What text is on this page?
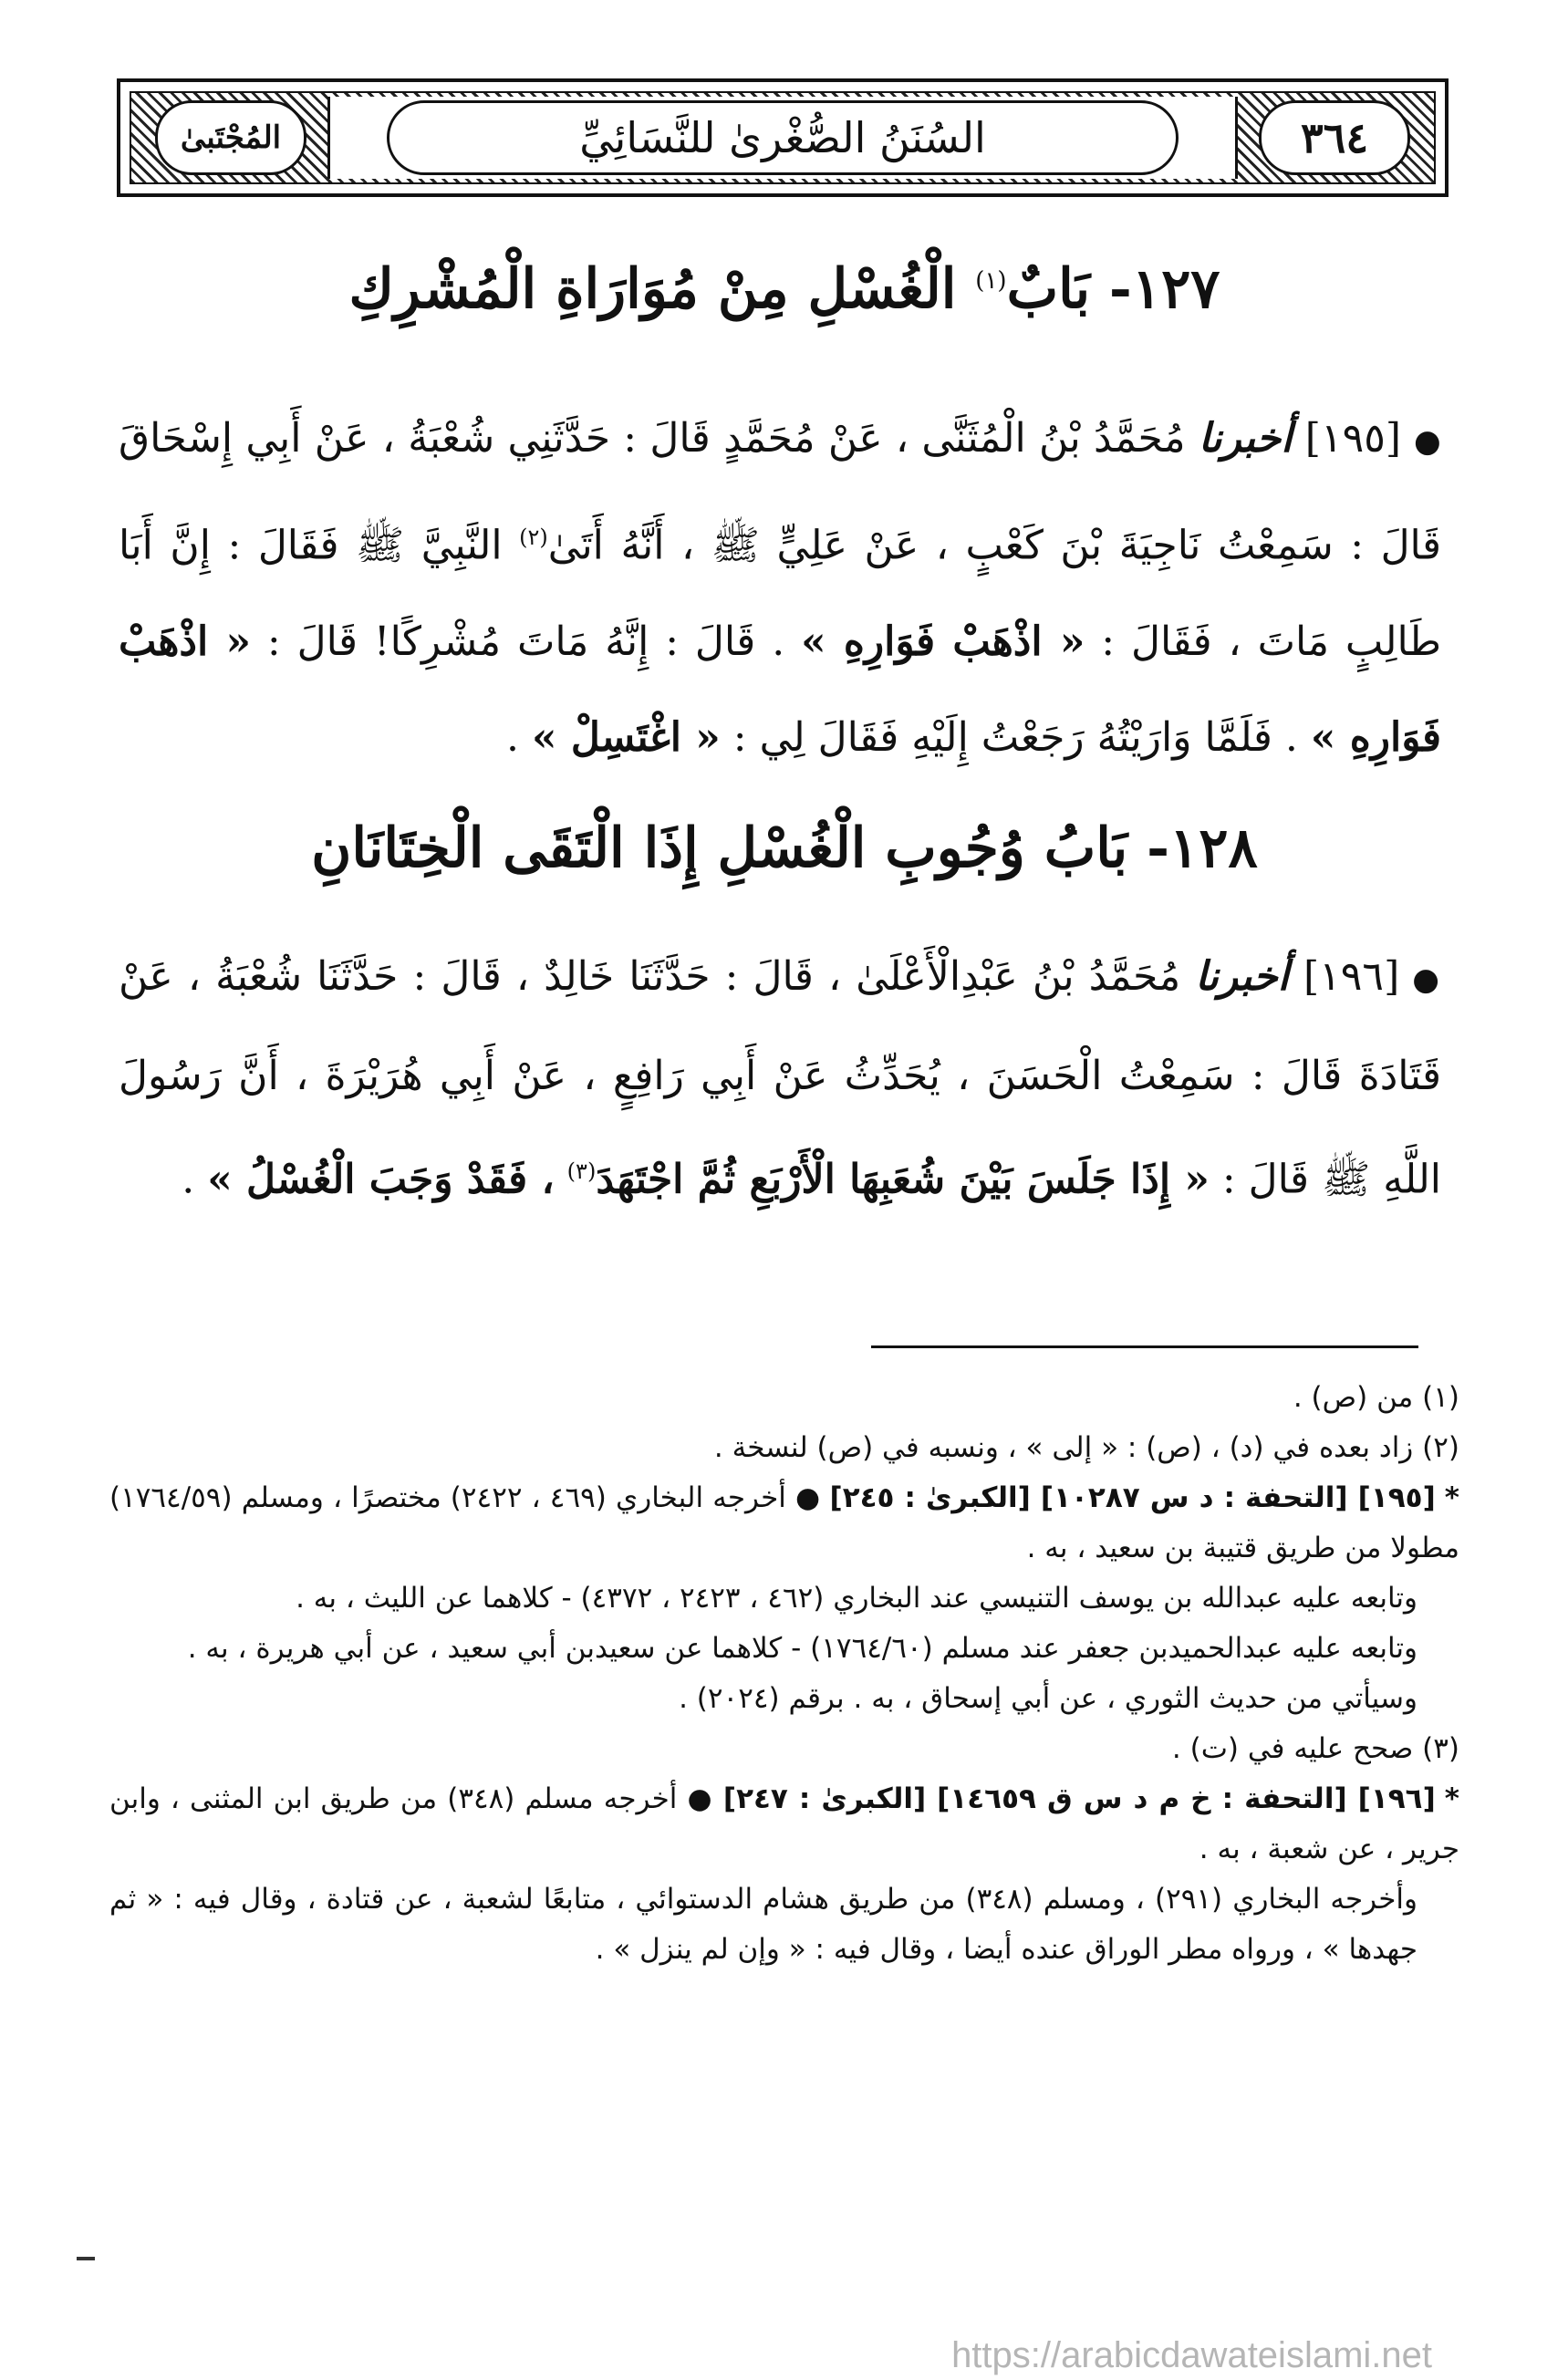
٣٦٤
السُنَنُ الصُّغْرىٰ للنَّسَائِيِّ
المُجْتَبىٰ
١٢٧- بَابٌ$^{(١)}$ الْغُسْلِ مِنْ مُوَارَاةِ الْمُشْرِكِ

●[١٩٥] أخبرنا مُحَمَّدُ بْنُ الْمُثَنَّى ، عَنْ مُحَمَّدٍ قَالَ : حَدَّثَنِي شُعْبَةُ ، عَنْ أَبِي إِسْحَاقَ قَالَ : سَمِعْتُ نَاجِيَةَ بْنَ كَعْبٍ ، عَنْ عَلِيٍّ ﷺ ، أَنَّهُ أَتَىٰ$^{(٢)}$ النَّبِيَّ ﷺ فَقَالَ : إِنَّ أَبَا طَالِبٍ مَاتَ ، فَقَالَ : « اذْهَبْ فَوَارِهِ » . قَالَ : إِنَّهُ مَاتَ مُشْرِكًا! قَالَ : « اذْهَبْ فَوَارِهِ » . فَلَمَّا وَارَيْتُهُ رَجَعْتُ إِلَيْهِ فَقَالَ لِي : « اغْتَسِلْ » .

١٢٨- بَابُ وُجُوبِ الْغُسْلِ إِذَا الْتَقَى الْخِتَانَانِ

●[١٩٦] أخبرنا مُحَمَّدُ بْنُ عَبْدِالْأَعْلَىٰ ، قَالَ : حَدَّثَنَا خَالِدٌ ، قَالَ : حَدَّثَنَا شُعْبَةُ ، عَنْ قَتَادَةَ قَالَ : سَمِعْتُ الْحَسَنَ ، يُحَدِّثُ عَنْ أَبِي رَافِعٍ ، عَنْ أَبِي هُرَيْرَةَ ، أَنَّ رَسُولَ اللَّهِ ﷺ قَالَ : « إِذَا جَلَسَ بَيْنَ شُعَبِهَا الْأَرْبَعِ ثُمَّ اجْتَهَدَ$^{(٣)}$ ، فَقَدْ وَجَبَ الْغُسْلُ » .

(١) من (ص) .

(٢) زاد بعده في (د) ، (ص) : « إلى » ، ونسبه في (ص) لنسخة .

*[١٩٥] [التحفة : د س ١٠٢٨٧] [الكبرىٰ : ٢٤٥] ● أخرجه البخاري (٤٦٩ ، ٢٤٢٢) مختصرًا ، ومسلم (١٧٦٤/٥٩) مطولا من طريق قتيبة بن سعيد ، به .

وتابعه عليه عبدالله بن يوسف التنيسي عند البخاري (٤٦٢ ، ٢٤٢٣ ، ٤٣٧٢) - كلاهما عن الليث ، به .

وتابعه عليه عبدالحميدبن جعفر عند مسلم (١٧٦٤/٦٠) - كلاهما عن سعيدبن أبي سعيد ، عن أبي هريرة ، به .

وسيأتي من حديث الثوري ، عن أبي إسحاق ، به . برقم (٢٠٢٤) .

(٣) صحح عليه في (ت) .

*[١٩٦] [التحفة : خ م د س ق ١٤٦٥٩] [الكبرىٰ : ٢٤٧] ● أخرجه مسلم (٣٤٨) من طريق ابن المثنى ، وابن جرير ، عن شعبة ، به .

وأخرجه البخاري (٢٩١) ، ومسلم (٣٤٨) من طريق هشام الدستوائي ، متابعًا لشعبة ، عن قتادة ، وقال فيه : « ثم جهدها » ، ورواه مطر الوراق عنده أيضا ، وقال فيه : « وإن لم ينزل » .

https://arabicdawateislami.net
